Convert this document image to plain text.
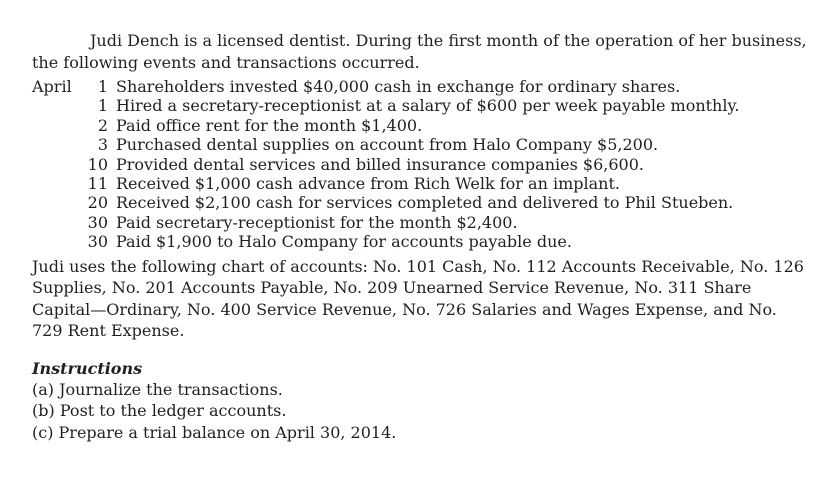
Judi Dench is a licensed dentist. During the first month of the operation of her business, the following events and transactions occurred.

April	1 Shareholders invested $40,000 cash in exchange for ordinary shares.
1 Hired a secretary-receptionist at a salary of $600 per week payable monthly.
2 Paid office rent for the month $1,400.
3 Purchased dental supplies on account from Halo Company $5,200.
10 Provided dental services and billed insurance companies $6,600.
11 Received $1,000 cash advance from Rich Welk for an implant.
20 Received $2,100 cash for services completed and delivered to Phil Stueben.
30 Paid secretary-receptionist for the month $2,400.
30 Paid $1,900 to Halo Company for accounts payable due.

Judi uses the following chart of accounts: No. 101 Cash, No. 112 Accounts Receivable, No. 126 Supplies, No. 201 Accounts Payable, No. 209 Unearned Service Revenue, No. 311 Share Capital—Ordinary, No. 400 Service Revenue, No. 726 Salaries and Wages Expense, and No. 729 Rent Expense.

Instructions

(a) Journalize the transactions.

(b) Post to the ledger accounts.

(c) Prepare a trial balance on April 30, 2014.
